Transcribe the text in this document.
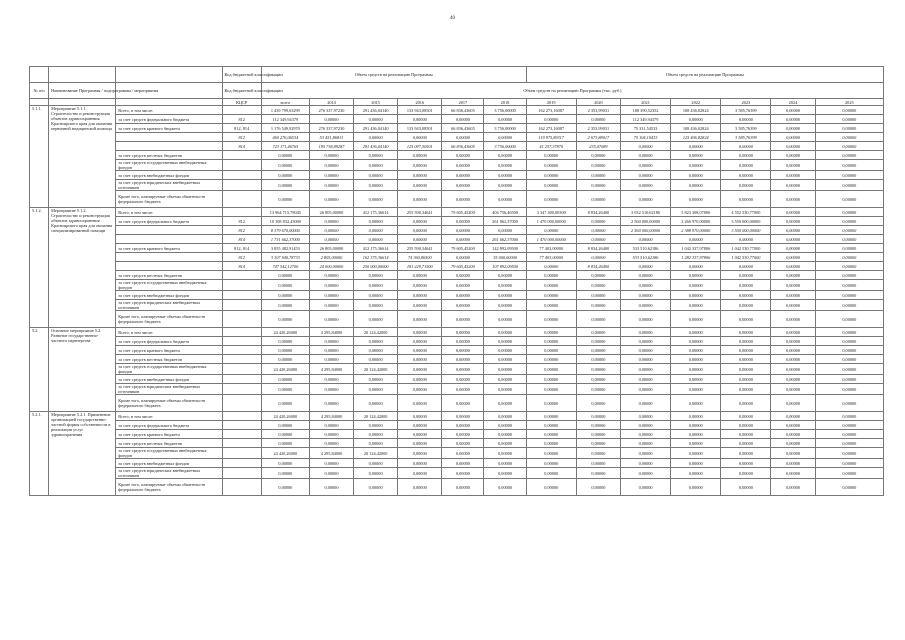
40
			Код бюджетной классификации	Объем средств на реализацию Программы						Объем средств на реализацию Программы						
№ п/п	Наименование Программы / подпрограммы / мероприятия		Код бюджетной классификации	Объем средств на реализацию Программы (тыс. руб.)												
			КЦСР	всего	2014	2015	2016	2017	2018	2019	2020	2021	2022	2023	2024	2025
5.1.1.	Мероприятие 5.1.1. Строительство и реконструкция объектов здравоохранения Красноярского края для оказания первичной медицинской помощи	Всего, в том числе:		1 439 799,63299	276 337,97230	291 436,04140	133 943,08501	66 836,43605	3 756,00000	162 273,16087	2 353,99031	188 390,52352	108 436,02824	3 585,76399	0,00000	0,00000
		за счет средств федерального бюджета	812	112 349,94379	0,00000	0,00000	0,00000	0,00000	0,00000	0,00000	0,00000	112 349,94379	0,00000	0,00000	0,00000	0,00000
		за счет средств краевого бюджета	812, 814	1 176 549,92970	276 337,97230	291 436,04140	133 943,08501	66 836,43605	3 756,00000	162 273,16087	2 353,99031	75 331,54533	108 436,02824	3 585,76399	0,00000	0,00000
			812	460 276,06534	53 451,86813	0,00000	0,00000	0,00000	0,00000	119 975,89317	2 673,88017	75 104,10433	125 406,82824	3 585,76399	0,00000	0,00000
			814	723 171,46765	195 738,89287	291 436,04140	125 097,50501	66 836,43605	3 756,00000	41 257,37870	235,07089	0,00000	0,00000	0,00000	0,00000	0,00000
		за счет средств местных бюджетов		0,00000	0,00000	0,00000	0,00000	0,00000	0,00000	0,00000	0,00000	0,00000	0,00000	0,00000	0,00000	0,00000
		за счет средств государственных внебюджетных фондов		0,00000	0,00000	0,00000	0,00000	0,00000	0,00000	0,00000	0,00000	0,00000	0,00000	0,00000	0,00000	0,00000
		за счет средств внебюджетных фондов		0,00000	0,00000	0,00000	0,00000	0,00000	0,00000	0,00000	0,00000	0,00000	0,00000	0,00000	0,00000	0,00000
		за счет средств юридических внебюджетных источников		0,00000	0,00000	0,00000	0,00000	0,00000	0,00000	0,00000	0,00000	0,00000	0,00000	0,00000	0,00000	0,00000
		Кроме того, планируемые объемы обязательств федерального бюджета		0,00000	0,00000	0,00000	0,00000	0,00000	0,00000	0,00000	0,00000	0,00000	0,00000	0,00000	0,00000	0,00000
5.1.2.	Мероприятие 5.1.2. Строительство и реконструкция объектов здравоохранения Красноярского края для оказания специализированной помощи	Всего, в том числе:		13 964 715,78045	26 805,00000	412 175,36614	255 590,34641	79 605,45200	404 756,46500	3 347 400,00300	8 834,26400	3 032 510,62186	5 823 308,07806	4 552 530,77000	0,00000	0,00000
		за счет средств федерального бюджета	812	10 108 832,43000	0,00000	0,00000	0,00000	0,00000	261 862,37000	1 470 000,00000	0,00000	2 560 000,00000	2 266 970,00000	3 550 000,00000	0,00000	0,00000
			812	8 379 670,00000	0,00000	0,00000	0,00000	0,00000	0,00000	0,00000	0,00000	2 560 000,00000	2 388 970,00000	3 550 000,00000	0,00000	0,00000
			814	1 731 662,37000	0,00000	0,00000	0,00000	0,00000	261 662,37000	1 470 000,00000	0,00000	0,00000	0,00000	0,00000	0,00000	0,00000
		за счет средств краевого бюджета	812, 814	3 855 482,91453	26 805,00000	412 175,36614	255 590,34641	79 605,45200	142 892,09500	77 403,00000	8 834,26400	533 510,62186	1 042 337,97806	1 042 530,77000	0,00000	0,00000
			812	3 107 940,78733	2 805,00000	162 375,36614	74 360,86500	0,00000	35 000,00000	77 403,00000	0,00000	533 510,62186	1 282 337,97806	1 042 530,77000	0,00000	0,00000
			814	747 542,12700	24 000,00000	250 000,00000	181 229,71500	79 605,45200	107 892,09500	0,00000	8 834,26400	0,00000	0,00000	0,00000	0,00000	0,00000
		за счет средств местных бюджетов		0,00000	0,00000	0,00000	0,00000	0,00000	0,00000	0,00000	0,00000	0,00000	0,00000	0,00000	0,00000	0,00000
		за счет средств государственных внебюджетных фондов		0,00000	0,00000	0,00000	0,00000	0,00000	0,00000	0,00000	0,00000	0,00000	0,00000	0,00000	0,00000	0,00000
		за счет средств внебюджетных фондов		0,00000	0,00000	0,00000	0,00000	0,00000	0,00000	0,00000	0,00000	0,00000	0,00000	0,00000	0,00000	0,00000
		за счет средств юридических внебюджетных источников		0,00000	0,00000	0,00000	0,00000	0,00000	0,00000	0,00000	0,00000	0,00000	0,00000	0,00000	0,00000	0,00000
		Кроме того, планируемые объемы обязательств федерального бюджета		0,00000	0,00000	0,00000	0,00000	0,00000	0,00000	0,00000	0,00000	0,00000	0,00000	0,00000	0,00000	0,00000
5.2.	Основное мероприятие 5.2. Развитие государственно-частного партнерства	Всего, в том числе:		24 420,26000	4 295,84000	20 124,42000	0,00000	0,00000	0,00000	0,00000	0,00000	0,00000	0,00000	0,00000	0,00000	0,00000
		за счет средств федерального бюджета		0,00000	0,00000	0,00000	0,00000	0,00000	0,00000	0,00000	0,00000	0,00000	0,00000	0,00000	0,00000	0,00000
		за счет средств краевого бюджета		0,00000	0,00000	0,00000	0,00000	0,00000	0,00000	0,00000	0,00000	0,00000	0,00000	0,00000	0,00000	0,00000
		за счет средств местных бюджетов		0,00000	0,00000	0,00000	0,00000	0,00000	0,00000	0,00000	0,00000	0,00000	0,00000	0,00000	0,00000	0,00000
		за счет средств государственных внебюджетных фондов		24 420,26000	4 295,84000	20 124,42000	0,00000	0,00000	0,00000	0,00000	0,00000	0,00000	0,00000	0,00000	0,00000	0,00000
		за счет средств внебюджетных фондов		0,00000	0,00000	0,00000	0,00000	0,00000	0,00000	0,00000	0,00000	0,00000	0,00000	0,00000	0,00000	0,00000
		за счет средств юридических внебюджетных источников		0,00000	0,00000	0,00000	0,00000	0,00000	0,00000	0,00000	0,00000	0,00000	0,00000	0,00000	0,00000	0,00000
		Кроме того, планируемые объемы обязательств федерального бюджета		0,00000	0,00000	0,00000	0,00000	0,00000	0,00000	0,00000	0,00000	0,00000	0,00000	0,00000	0,00000	0,00000
5.2.1.	Мероприятие 5.2.1. Применение организацией государственно-частной формы собственности в реализации услуг здравоохранения	Всего, в том числе:		24 420,26000	4 295,84000	20 124,42000	0,00000	0,00000	0,00000	0,00000	0,00000	0,00000	0,00000	0,00000	0,00000	0,00000
		за счет средств федерального бюджета		0,00000	0,00000	0,00000	0,00000	0,00000	0,00000	0,00000	0,00000	0,00000	0,00000	0,00000	0,00000	0,00000
		за счет средств краевого бюджета		0,00000	0,00000	0,00000	0,00000	0,00000	0,00000	0,00000	0,00000	0,00000	0,00000	0,00000	0,00000	0,00000
		за счет средств местных бюджетов		0,00000	0,00000	0,00000	0,00000	0,00000	0,00000	0,00000	0,00000	0,00000	0,00000	0,00000	0,00000	0,00000
		за счет средств государственных внебюджетных фондов		24 420,26000	4 295,84000	20 124,42000	0,00000	0,00000	0,00000	0,00000	0,00000	0,00000	0,00000	0,00000	0,00000	0,00000
		за счет средств внебюджетных фондов		0,00000	0,00000	0,00000	0,00000	0,00000	0,00000	0,00000	0,00000	0,00000	0,00000	0,00000	0,00000	0,00000
		за счет средств юридических внебюджетных источников		0,00000	0,00000	0,00000	0,00000	0,00000	0,00000	0,00000	0,00000	0,00000	0,00000	0,00000	0,00000	0,00000
		Кроме того, планируемые объемы обязательств федерального бюджета		0,00000	0,00000	0,00000	0,00000	0,00000	0,00000	0,00000	0,00000	0,00000	0,00000	0,00000	0,00000	0,00000
